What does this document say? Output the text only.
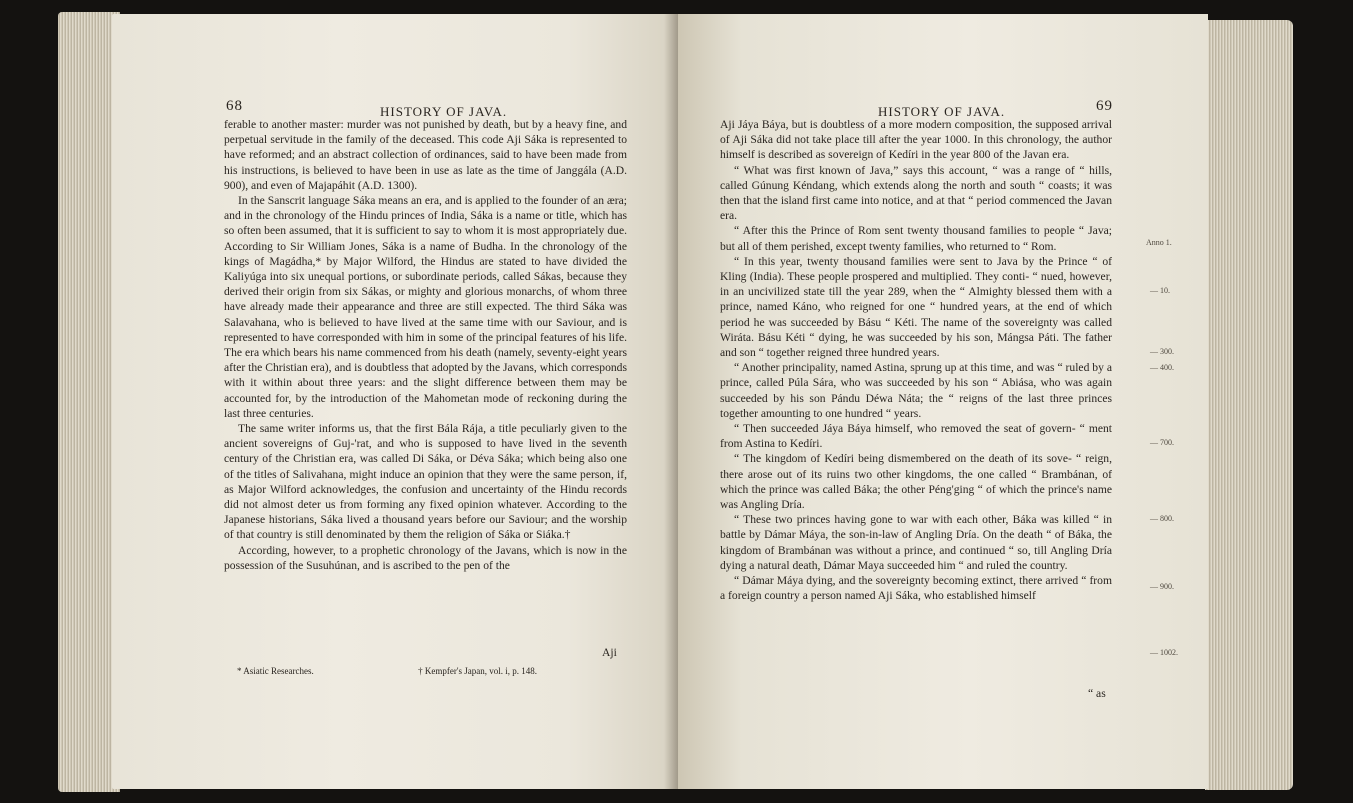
68	HISTORY OF JAVA.

ferable to another master: murder was not punished by death, but by a heavy fine, and perpetual servitude in the family of the deceased. This code Aji Sáka is represented to have reformed; and an abstract collection of ordinances, said to have been made from his instructions, is believed to have been in use as late as the time of Janggála (A.D. 900), and even of Majapáhit (A.D. 1300).

In the Sanscrit language Sáka means an era, and is applied to the founder of an æra; and in the chronology of the Hindu princes of India, Sáka is a name or title, which has so often been assumed, that it is sufficient to say to whom it is most appropriately due. According to Sir William Jones, Sáka is a name of Budha. In the chronology of the kings of Magádha,* by Major Wilford, the Hindus are stated to have divided the Kaliyúga into six unequal portions, or subordinate periods, called Sákas, because they derived their origin from six Sákas, or mighty and glorious monarchs, of whom three have already made their appearance and three are still expected. The third Sáka was Salavahana, who is believed to have lived at the same time with our Saviour, and is represented to have corresponded with him in some of the principal features of his life. The era which bears his name commenced from his death (namely, seventy-eight years after the Christian era), and is doubtless that adopted by the Javans, which corresponds with it within about three years: and the slight difference between them may be accounted for, by the introduction of the Mahometan mode of reckoning during the last three centuries.

The same writer informs us, that the first Bála Rája, a title peculiarly given to the ancient sovereigns of Guj-'rat, and who is supposed to have lived in the seventh century of the Christian era, was called Di Sáka, or Déva Sáka; which being also one of the titles of Salivahana, might induce an opinion that they were the same person, if, as Major Wilford acknowledges, the confusion and uncertainty of the Hindu records did not almost deter us from forming any fixed opinion whatever. According to the Japanese historians, Sáka lived a thousand years before our Saviour; and the worship of that country is still denominated by them the religion of Sáka or Siáka.†

According, however, to a prophetic chronology of the Javans, which is now in the possession of the Susuhúnan, and is ascribed to the pen of the

Aji
* Asiatic Researches.	† Kempfer's Japan, vol. i, p. 148.
HISTORY OF JAVA.	69

Aji Jáya Báya, but is doubtless of a more modern composition, the supposed arrival of Aji Sáka did not take place till after the year 1000. In this chronology, the author himself is described as sovereign of Kedíri in the year 800 of the Javan era.

“ What was first known of Java,” says this account, “ was a range of “ hills, called Gúnung Kéndang, which extends along the north and south “ coasts; it was then that the island first came into notice, and at that “ period commenced the Javan era.

“ After this the Prince of Rom sent twenty thousand families to people “ Java; but all of them perished, except twenty families, who returned to “ Rom.

“ In this year, twenty thousand families were sent to Java by the Prince “ of Kling (India). These people prospered and multiplied. They conti- “ nued, however, in an uncivilized state till the year 289, when the “ Almighty blessed them with a prince, named Káno, who reigned for one “ hundred years, at the end of which period he was succeeded by Básu “ Kéti. The name of the sovereignty was called Wiráta. Básu Kéti “ dying, he was succeeded by his son, Mángsa Páti. The father and son “ together reigned three hundred years.

“ Another principality, named Astina, sprung up at this time, and was “ ruled by a prince, called Púla Sára, who was succeeded by his son “ Abiása, who was again succeeded by his son Pándu Déwa Náta; the “ reigns of the last three princes together amounting to one hundred “ years.

“ Then succeeded Jáya Báya himself, who removed the seat of govern- “ ment from Astina to Kedíri.

“ The kingdom of Kedíri being dismembered on the death of its sove- “ reign, there arose out of its ruins two other kingdoms, the one called “ Brambánan, of which the prince was called Báka; the other Péng'ging “ of which the prince's name was Angling Dría.

“ These two princes having gone to war with each other, Báka was killed “ in battle by Dámar Máya, the son-in-law of Angling Dría. On the death “ of Báka, the kingdom of Brambánan was without a prince, and continued “ so, till Angling Dría dying a natural death, Dámar Maya succeeded him “ and ruled the country.

“ Dámar Máya dying, and the sovereignty becoming extinct, there arrived “ from a foreign country a person named Aji Sáka, who established himself

“ as
Anno 1.
— 10.
— 300.
— 400.
— 700.
— 800.
— 900.
— 1002.
